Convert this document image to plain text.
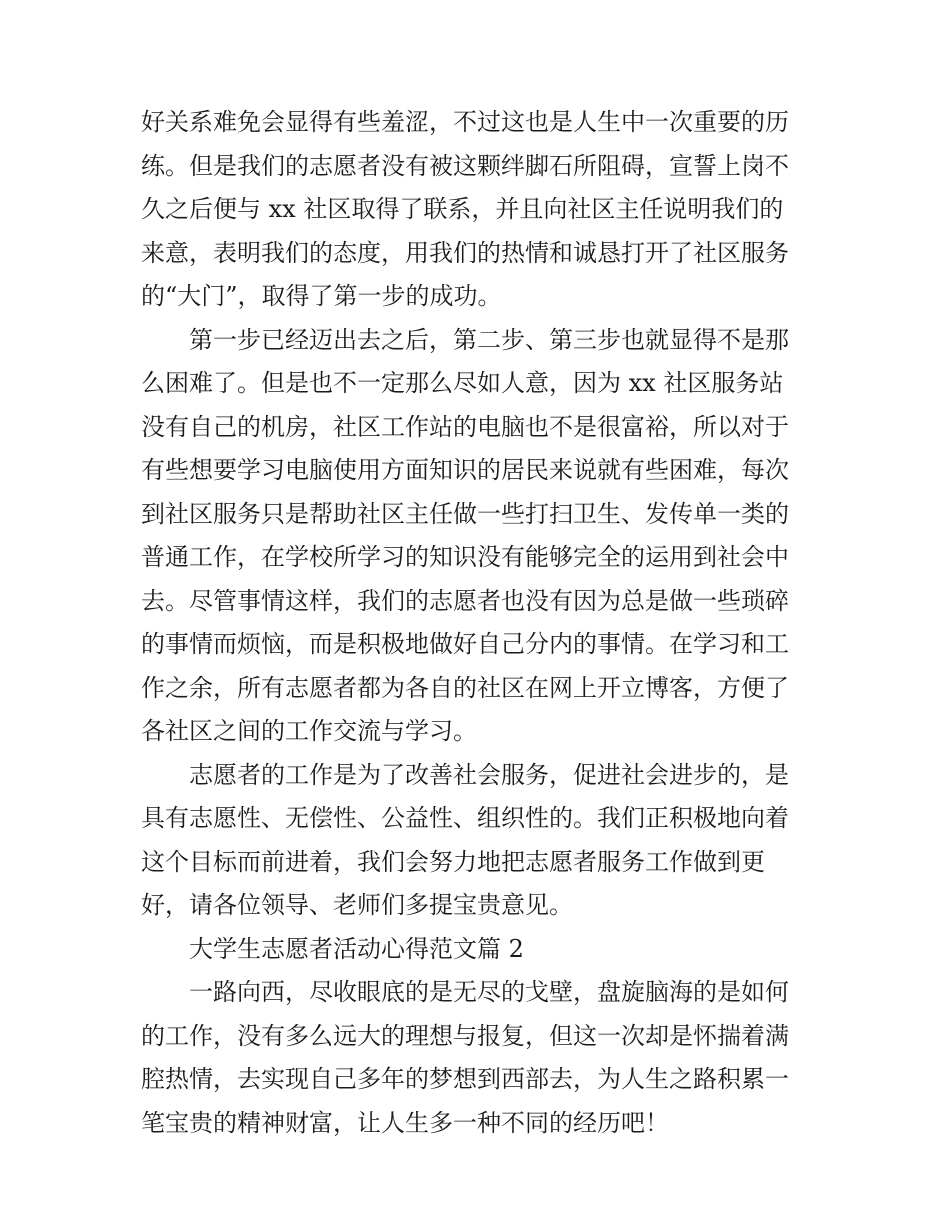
好关系难免会显得有些羞涩，不过这也是人生中一次重要的历

练。但是我们的志愿者没有被这颗绊脚石所阻碍，宣誓上岗不

久之后便与 xx 社区取得了联系，并且向社区主任说明我们的

来意，表明我们的态度，用我们的热情和诚恳打开了社区服务

的“大门”，取得了第一步的成功。

第一步已经迈出去之后，第二步、第三步也就显得不是那

么困难了。但是也不一定那么尽如人意，因为 xx 社区服务站

没有自己的机房，社区工作站的电脑也不是很富裕，所以对于

有些想要学习电脑使用方面知识的居民来说就有些困难，每次

到社区服务只是帮助社区主任做一些打扫卫生、发传单一类的

普通工作，在学校所学习的知识没有能够完全的运用到社会中

去。尽管事情这样，我们的志愿者也没有因为总是做一些琐碎

的事情而烦恼，而是积极地做好自己分内的事情。在学习和工

作之余，所有志愿者都为各自的社区在网上开立博客，方便了

各社区之间的工作交流与学习。

志愿者的工作是为了改善社会服务，促进社会进步的，是

具有志愿性、无偿性、公益性、组织性的。我们正积极地向着

这个目标而前进着，我们会努力地把志愿者服务工作做到更

好，请各位领导、老师们多提宝贵意见。

大学生志愿者活动心得范文篇 2

一路向西，尽收眼底的是无尽的戈壁，盘旋脑海的是如何

的工作，没有多么远大的理想与报复，但这一次却是怀揣着满

腔热情，去实现自己多年的梦想到西部去，为人生之路积累一

笔宝贵的精神财富，让人生多一种不同的经历吧！
